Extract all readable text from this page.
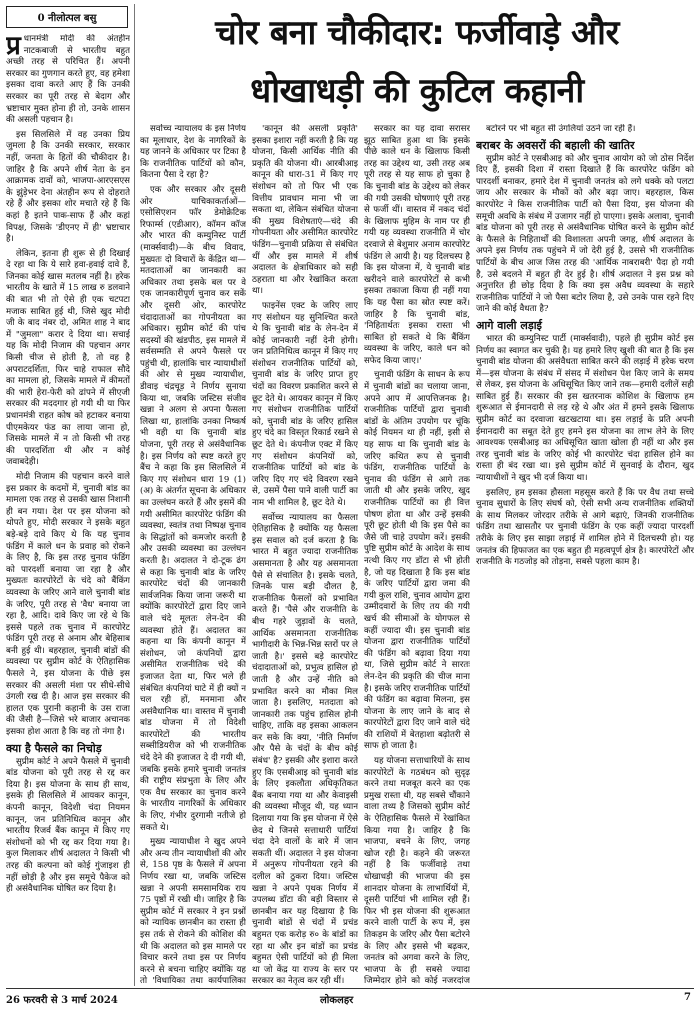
0 नीलोत्पल बसु	चोर बना चौकीदार: फर्जीवाड़े और
धोखाधड़ी की कुटिल कहानी

प्र धानमंत्री मोदी की अंतहीन नाटकबाजी से भारतीय बहुत अच्छी तरह से परिचित हैं। अपनी सरकार का गुणगान करते हुए, वह हमेशा इसका दावा करते आए हैं कि उनकी सरकार का पूरी तरह से बेदाग और भ्रष्टाचार मुक्त होना ही तो, उनके शासन की असली पहचान है।

इस सिलसिले में वह उनका प्रिय जुमला है कि उनकी सरकार, सरकार नहीं, जनता के हितों की चौकीदार है। जाहिर है कि अपने शीर्ष नेता के इन आक्रामक दावों को, भाजपा-आरएसएस के झुंड़ेभर देना अंतहीन रूप से दोहराते रहे हैं और इसका शोर मचाते रहे हैं कि कहां है इतने पाक-साफ हैं और कहां विपक्ष, जिसके 'डीएनए में ही' भ्रष्टाचार है।

लेकिन, इतना ही शुरू से ही दिखाई दे रहा था कि ये सारे हवा-हवाई दावे हैं, जिनका कोई खास मतलब नहीं है। हरेक भारतीय के खाते में 15 लाख रु डलवाने की बात भी तो ऐसे ही एक चटपटा मजाक साबित हुई थी, जिसे खुद मोदी जी के बाद नंबर दो, अमित शाह ने बाद में "जुमला" करार दे दिया था। सचाई यह कि मोदी निजाम की पहचान अगर किसी चीज से होती है, तो वह है अपराटदर्शिता, फिर चाहे राफाल सौदे का मामला हो, जिसके मामले में कीमतों की भारी हेरा-फेरी को ढांपने में सीएजी सरकार की मददगार हो गयी थी या फिर प्रधानमंत्री राहत कोष को हटाकर बनाया पीएमकेयर फंड का लाया जाना हो, जिसके मामले में न तो किसी भी तरह की पारदर्शिता थी और न कोई जवाबदेही।

मोदी निजाम की पहचान करने वाले इस प्रकार के कदमों में, चुनावी बांड का मामला एक तरह से उसकी खास निशानी ही बन गया। देश पर इस योजना को थोपते हुए, मोदी सरकार ने इसके बहुत बड़े-बड़े दावे किए थे कि यह चुनाव फंडिंग में काले धन के प्रवाह को रोकने के लिए है, कि इस तरह चुनाव फंडिंग को पारदर्शी बनाया जा रहा है और मुख्यतः कारपोरेटों के चंदे को बैंकिंग व्यवस्था के जरिए आने वाले चुनावी बांड के जरिए, पूरी तरह से 'वैध' बनाया जा रहा है, आदि। दावे किए जा रहे थे कि इससे पहले तक चुनाव में कारपोरेट फंडिंग पूरी तरह से अनाम और बेहिसाब बनी हुई थी। बहरहाल, चुनावी बांडों की व्यवस्था पर सुप्रीम कोर्ट के ऐतिहासिक फैसले ने, इस योजना के पीछे इस सरकार की असली मंशा पर सीधे-सीधे उंगली रख दी है। आज इस सरकार की हालत एक पुरानी कहानी के उस राजा की जैसी है—जिसे भरे बाजार अचानक इसका होश आता है कि वह तो नंगा है।

क्या है फैसले का निचोड़

सुप्रीम कोर्ट ने अपने फैसले में चुनावी बांड योजना को पूरी तरह से रद्द कर दिया है। इस योजना के साथ ही साथ, इसके ही सिलसिले में आयकर कानून, कंपनी कानून, विदेशी चंदा नियमन कानून, जन प्रतिनिधित्व कानून और भारतीय रिजर्व बैंक कानून में किए गए संशोधनों को भी रद्द कर दिया गया है। कुल मिलाकर शीर्ष अदालत ने किसी भी तरह की कल्पना को कोई गुंजाइश ही नहीं छोड़ी है और इस समूचे पैकेज को ही असंवैधानिक घोषित कर दिया है।

सर्वोच्च न्यायालय के इस निर्णय का मूलाधार, देश के नागरिकों के यह जानने के अधिकार पर टिका है कि राजनीतिक पार्टियों को कौन, कितना पैसा दे रहा है?

एक और सरकार और दूसरी ओर याचिकाकर्ताओं—एसोसिएशन फॉर डेमोक्रेटिक रिफार्म्स (एडीआर), कॉमन कॉज और भारत की कम्युनिस्ट पार्टी (मार्क्सवादी)—के बीच विवाद, मुख्यतः दो विचारों के केंद्रित था—मतदाताओं का जानकारी का अधिकार तथा इसके बल पर वे एक जानकारीपूर्ण चुनाव कर सकें और दूसरी ओर, कारपोरेट चंदादाताओं का गोपनीयता का अधिकार। सुप्रीम कोर्ट की पांच सदस्यों की खंडपीठ, इस मामले में सर्वसम्मति से अपने फैसले पर पहुंची थी, हालांकि चार न्यायाधीशों की ओर से मुख्य न्यायाधीश, डीवाइ चंद्रचूड़ ने निर्णय सुनाया किया था, जबकि जस्टिस संजीव खन्ना ने अलग से अपना फैसला लिखा था, हालांकि उनका निष्कर्ष भी वही था कि चुनावी बांड योजना, पूरी तरह से असंवैधानिक है। इस निर्णय को स्पष्ट करते हुए बैंच ने कहा कि इस सिलसिले में किए गए संशोधन धारा 19 (1)(अ) के अंतर्गत सूचना के अधिकार का उल्लंघन करते हैं और इसमें की गयी असीमित कारपोरेट फंडिंग की व्यवस्था, स्वतंत्र तथा निष्पक्ष चुनाव के सिद्धांतों को कमजोर करती है और उसकी व्यवस्था का उल्लंघन करती है। अदालत ने दो-टूक ढंग से कहा कि चुनावी बांड के जरिए कारपोरेट चंदों की जानकारी सार्वजनिक किया जाना जरूरी था क्योंकि कारपोरेटों द्वारा दिए जाने वाले चंदे मूलतः लेन-देन की व्यवस्था होते हैं। अदालत का कहना था कि कंपनी कानून में संशोधन, जो कंपनियों द्वारा असीमित राजनीतिक चंदे की इजाजत देता था, फिर भले ही संबंधित कंपनियां घाटे में ही क्यों न चल रही हों, मनमाना और असंवैधानिक था। वास्तव में चुनावी बांड योजना में तो विदेशी कारपोरेटों की भारतीय सब्सीडियरीज को भी राजनीतिक चंदे देने की इजाजत दे दी गयी थी, जबकि इसके हमारे चुनावी जनतंत्र की राष्ट्रीय संप्रभुता के लिए और एक वैध सरकार का चुनाव करने के भारतीय नागरिकों के अधिकार के लिए, गंभीर दुरगामी नतीजे हो सकते थे।

मुख्य न्यायाधीश ने खुद अपने और अन्य तीन न्यायाधीशों की ओर से, 158 पृष्ठ के फैसले में अपना निर्णय रखा था, जबकि जस्टिस खन्ना ने अपनी समसामयिक राय 75 पृष्ठों में रखी थी। जाहिर है कि सुप्रीम कोर्ट में सरकार ने इन प्रश्नों को न्यायिक छानबीन का रास्ता ही इस तर्क से रोकने की कोशिश की थी कि अदालत को इस मामले पर विचार करने तथा इस पर निर्णय करने से बचना चाहिए क्योंकि यह तो 'विधायिका तथा कार्यपालिका

'कानून की असली प्रकृति' इसका इशारा नहीं करती है कि यह योजना, किसी आर्थिक नीति की प्रकृति की योजना थी। आरबीआइ कानून की धारा-31 में किए गए संशोधन को तो फिर भी एक वित्तीय प्रावधान माना भी जा सकता था, लेकिन संबंधित योजना की मुख्य विशेषताएं—चंदे की गोपनीयता और असीमित कारपोरेट फंडिंग—चुनावी प्रक्रिया से संबंधित थीं और इस मामले में शीर्ष अदालत के क्षेत्राधिकार को सही ठहराता था और रेखांकित करता था।

फाइनेंस एक्ट के जरिए लाए गए संशोधन यह सुनिश्चित करते थे कि चुनावी बांड के लेन-देन में कोई जानकारी नहीं देनी होगी। जन प्रतिनिधित्व कानून में किए गए संशोधन राजनीतिक पार्टियों को, चुनावी बांड के जरिए प्राप्त हुए चंदों का विवरण प्रकाशित करने से छूट देते थे। आयकर कानून में किए गए संशोधन राजनीतिक पार्टियों को, चुनावी बांड के जरिए हासिल हुए चंदे का विस्तृत रिकार्ड रखने से छूट देते थे। कंपनीज एक्ट में किए गए संशोधन कंपनियों को, राजनीतिक पार्टियों को बांड के जरिए दिए गए चंदे विवरण रखने से, उसमें पैसा पाने वाली पार्टी का नाम भी शामिल है, छूट देते थे।

सर्वोच्च न्यायालय का फैसला ऐतिहासिक है क्योंकि यह फैसला इस सवाल को दर्ज करता है कि भारत में बहुत ज्यादा राजनीतिक असमानता है और यह असमानता पैसे से संचालित है। इसके चलते, जिनके पास बड़ी दौलत है, राजनीतिक फैसलों को प्रभावित करते हैं। 'पैसे और राजनीति के बीच गहरे जुड़ावों के चलते, आर्थिक असमानता राजनीतिक भागीदारी के भिन्न-भिन्न स्तरों पर ले जाती है।' इससे बड़े कारपोरेट चंदादाताओं को, प्रभुत्व हासिल हो जाती है और उन्हें नीति को प्रभावित करने का मौका मिल जाता है। इसलिए, मतदाता को जानकारी तक पहुंच हासिल होनी चाहिए, ताकि वह इसका आकलन कर सके कि क्या, 'नीति निर्माण और पैसे के चंदों के बीच कोई संबंध' है? इसकी और इशारा करते हुए कि एसबीआइ को चुनावी बांड के लिए इकलौता अधिकृतिकत बैंक बनाया गया था और केवाइसी की व्यवस्था मौजूद थी, यह ध्यान दिलाया गया कि इस योजना में ऐसे छेद थे जिनसे सत्ताधारी पार्टियां चंदा देने वालों के बारे में जान सकती थीं। अदालत ने इस योजना में अनुरूप गोपनीयता रहने की दलील को ठुकरा दिया। जस्टिस खन्ना ने अपने पृथक निर्णय में उपलब्ध डॉटा की बड़ी विस्तार से छानबीन कर यह दिखाया है कि चुनावी बांडों से चंदों में प्रचंड बहुमत एक करोड़ रु० के बांडों का रहा था और इन बांडों का प्रचंड बहुमत ऐसी पार्टियों को ही मिला था जो केंद्र या राज्य के स्तर पर सरकार का नेतृत्व कर रही थीं।

सरकार का यह दावा सरासर झूठ साबित हुआ था कि इसके पीछे काले धन के खिलाफ किसी तरह का उद्देश्य था, उसी तरह अब पूरी तरह से यह साफ हो चुका है कि चुनावी बांड के उद्देश्य को लेकर की गयी उसकी घोषणाएं पूरी तरह से फर्जी थीं। वास्तव में नकद चंदों के खिलाफ मुहिम के नाम पर ही गयी यह व्यवस्था राजनीति में चोर दरवाजे से बेशुमार अनाम कारपोरेट फंडिंग ले आयी है। यह दिलचस्प है कि इस योजना में, ये चुनावी बांड खरीदने वाले कारपोरेटों से कभी इसका तकाजा किया ही नहीं गया कि यह पैसा का स्रोत स्पष्ट करें। जाहिर है कि चुनावी बांड, 'निहितार्थतः इसका रास्ता भी साबित हो सकते थे कि बैंकिंग व्यवस्था के जरिए, काले धन को सफेद किया जाए।'

चुनावी फंडिंग के साधन के रूप में चुनावी बांडों का चलाया जाना, अपने आप में आपत्तिजनक है। राजनीतिक पार्टियों द्वारा चुनावी बांडों के अंतिम उपयोग पर चूंकि कोई नियमन था ही नहीं, इसी से यह साफ था कि चुनावी बांड के जरिए कथित रूप से चुनावी फंडिंग, राजनीतिक पार्टियों के चुनाव की फंडिंग से आगे तक जाती थी और इसके जरिए, खुद राजनीतिक पार्टियों का ही वित्त पोषण होता था और उन्हें इसकी पूरी छूट होती थी कि इस पैसे का जैसे जी चाहे उपयोग करें। इसकी पुष्टि सुप्रीम कोर्ट के आदेश के साथ नत्थी किए गए डॉटा से भी होती है, जो यह दिखाता है कि इस बांड के जरिए पार्टियों द्वारा जमा की गयी कुल राशि, चुनाव आयोग द्वारा उम्मीदवारों के लिए तय की गयी खर्च की सीमाओं के योगफल से कहीं ज्यादा थी। इस चुनावी बांड योजना द्वारा राजनीतिक पार्टियों की फंडिंग को बढ़ावा दिया गया था, जिसे सुप्रीम कोर्ट ने सारतः लेन-देन की प्रकृति की चीज माना है। इसके जरिए राजनीतिक पार्टियों की फंडिंग का बढ़ावा मिलना, इस योजना के लाए जाने के बाद से कारपोरेटों द्वारा दिए जाने वाले चंदे की राशियों में बेतहाशा बढ़ोतरी से साफ हो जाता है।

यह योजना सत्ताधारियों के साथ कारपोरेटों के गठबंधन को सुदृढ़ करने तथा मजबूत करने का एक प्रमुख रास्ता थी, यह सबसे चौंकाने वाला तथ्य है जिसको सुप्रीम कोर्ट के ऐतिहासिक फैसले में रेखांकित किया गया है। जाहिर है कि भाजपा, बचने के लिए, जगह खोज रही है। कहने की जरूरत नहीं है कि फर्जीवाड़े तथा धोखाधड़ी की भाजपा की इस शानदार योजना के लाभार्थियों में, दूसरी पार्टियां भी शामिल रही हैं। फिर भी इस योजना की शुरूआत करने वाली पार्टी के रूप में, इस तिकड़म के जरिए और पैसा बटोरने के लिए और इससे भी बढ़कर, जनतंत्र को अगवा करने के लिए, भाजपा के ही सबसे ज्यादा जिम्मेदार होने को कोई नजरदांज

बटोरने पर भी बहुत सी उंगलियां उठने जा रही हैं।

बराबर के अवसरों की बहाली की खातिर

सुप्रीम कोर्ट ने एसबीआइ को और चुनाव आयोग को जो ठोस निर्देश दिए हैं, इसकी दिशा में रास्ता दिखाते हैं कि कारपोरेट फंडिंग को पारदर्शी बनाकर, हमारे देश में चुनावी जनतंत्र को लगे धक्के को पलटा जाय और सरकार के मौकों को और बढ़ा जाए। बहरहाल, किस कारपोरेट ने किस राजनीतिक पार्टी को पैसा दिया, इस योजना की समूची अवधि के संबंध में उजागर नहीं हो पाएगा। इसके अलावा, चुनावी बांड योजना को पूरी तरह से असंवैधानिक घोषित करने के सुप्रीम कोर्ट के फैसले के निहितार्थों की विशालता अपनी जगह, शीर्ष अदालत के अपने इस निर्णय तक पहुंचने में जो देरी हुई है, उससे भी राजनीतिक पार्टियों के बीच आज जिस तरह की 'आर्थिक नाबराबरी' पैदा हो गयी है, उसे बदलने में बहुत ही देर हुई है। शीर्ष अदालत ने इस प्रश्न को अनुत्तरित ही छोड़ दिया है कि क्या इस अवैध व्यवस्था के सहारे राजनीतिक पार्टियों ने जो पैसा बटोर लिया है, उसे उनके पास रहने दिए जाने की कोई वैधता है?

आगे वाली लड़ाई

भारत की कम्युनिस्ट पार्टी (मार्क्सवादी), पहले ही सुप्रीम कोर्ट इस निर्णय का स्वागत कर चुकी है। यह हमारे लिए खुशी की बात है कि इस चुनावी बांड योजना की असंवैधता साबित करने की लड़ाई में हरेक चरण में—इस योजना के संबंध में संसद में संशोधन पेश किए जाने के समय से लेकर, इस योजना के अधिसूचित किए जाने तक—हमारी दलीलें सही साबित हुई हैं। सरकार की इस खतरनाक कोशिश के खिलाफ हम शुरूआत से ईमानदारी से लड़ रहे थे और अंत में हमने इसके खिलाफ सुप्रीम कोर्ट का दरवाजा खटखटाया था। इस लड़ाई के प्रति अपनी ईमानदारी का सबूत देते हुए हमने इस योजना का लाभ लेने के लिए आवश्यक एसबीआइ का अधिसूचित खाता खोला ही नहीं था और इस तरह चुनावी बांड के जरिए कोई भी कारपोरेट चंदा हासिल होने का रास्ता ही बंद रखा था। इसे सुप्रीम कोर्ट में सुनवाई के दौरान, खुद न्यायाधीशों ने खुद भी दर्ज किया था।

इसलिए, हम इसका हौसला महसूस करते हैं कि पर वैध तथा सच्चे चुनाव सुधारों के लिए संघर्ष को, ऐसी सभी अन्य राजनीतिक शक्तियों के साथ मिलकर जोरदार तरीके से आगे बढ़ाएं, जिनकी राजनीतिक फंडिंग तथा खासतौर पर चुनावी फंडिंग के एक कहीं ज्यादा पारदर्शी तरीके के लिए इस साझा लड़ाई में शामिल होने में दिलचस्पी हो। यह जनतंत्र की हिफाजत का एक बहुत ही महत्वपूर्ण क्षेत्र है। कारपोरेटों और राजनीति के गठजोड़ को तोड़ना, सबसे पहला काम है।

26 फरवरी से 3 मार्च 2024	लोकलहर	7
